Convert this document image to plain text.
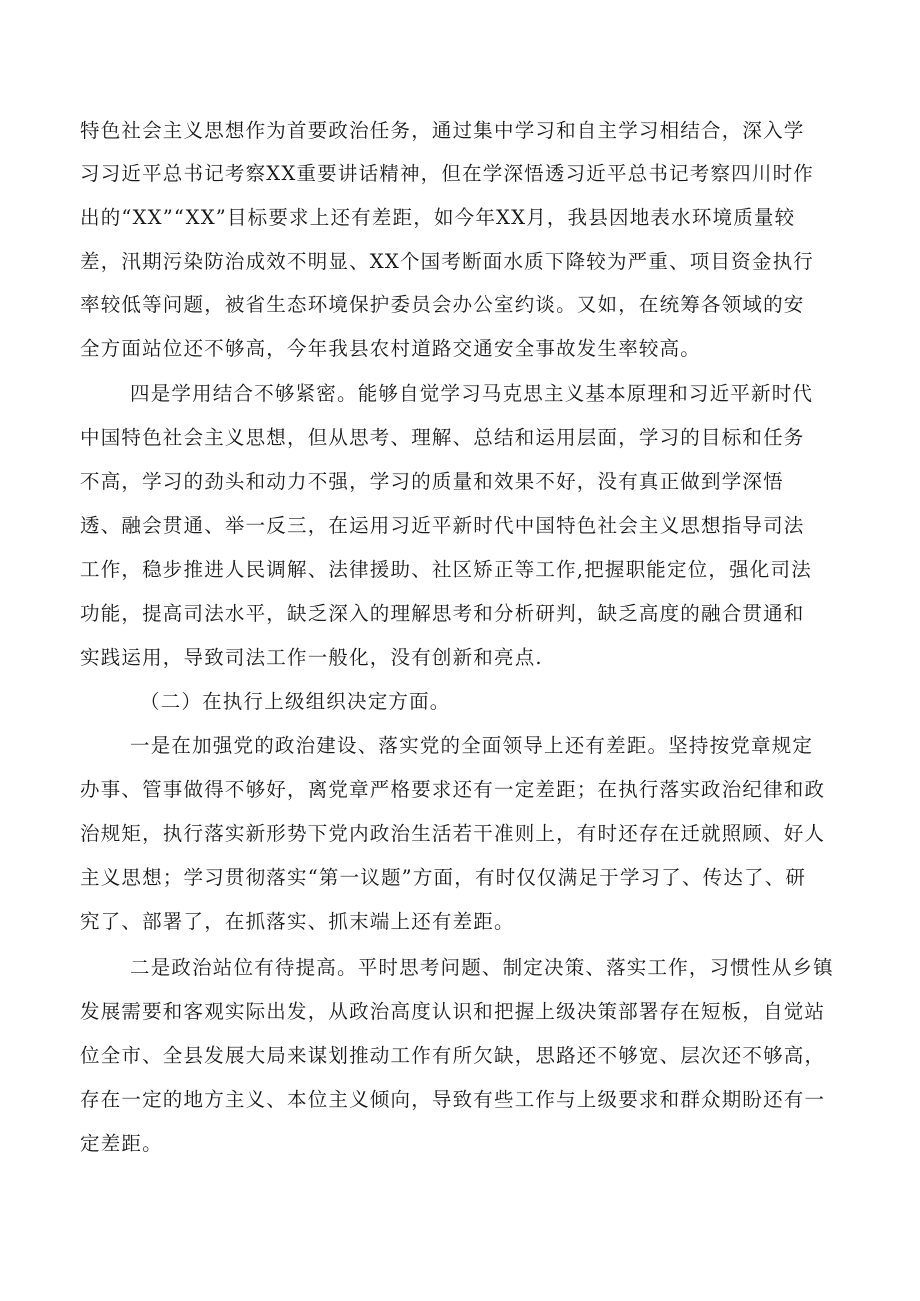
特色社会主义思想作为首要政治任务，通过集中学习和自主学习相结合，深入学
习习近平总书记考察XX重要讲话精神，但在学深悟透习近平总书记考察四川时作
出的“XX”“XX”目标要求上还有差距，如今年XX月，我县因地表水环境质量较
差，汛期污染防治成效不明显、XX个国考断面水质下降较为严重、项目资金执行
率较低等问题，被省生态环境保护委员会办公室约谈。又如，在统筹各领域的安
全方面站位还不够高，今年我县农村道路交通安全事故发生率较高。
四是学用结合不够紧密。能够自觉学习马克思主义基本原理和习近平新时代
中国特色社会主义思想，但从思考、理解、总结和运用层面，学习的目标和任务
不高，学习的劲头和动力不强，学习的质量和效果不好，没有真正做到学深悟
透、融会贯通、举一反三，在运用习近平新时代中国特色社会主义思想指导司法
工作，稳步推进人民调解、法律援助、社区矫正等工作,把握职能定位，强化司法
功能，提高司法水平，缺乏深入的理解思考和分析研判，缺乏高度的融合贯通和
实践运用，导致司法工作一般化，没有创新和亮点.
（二）在执行上级组织决定方面。
一是在加强党的政治建设、落实党的全面领导上还有差距。坚持按党章规定
办事、管事做得不够好，离党章严格要求还有一定差距；在执行落实政治纪律和政
治规矩，执行落实新形势下党内政治生活若干准则上，有时还存在迁就照顾、好人
主义思想；学习贯彻落实“第一议题”方面，有时仅仅满足于学习了、传达了、研
究了、部署了，在抓落实、抓末端上还有差距。
二是政治站位有待提高。平时思考问题、制定决策、落实工作，习惯性从乡镇
发展需要和客观实际出发，从政治高度认识和把握上级决策部署存在短板，自觉站
位全市、全县发展大局来谋划推动工作有所欠缺，思路还不够宽、层次还不够高，
存在一定的地方主义、本位主义倾向，导致有些工作与上级要求和群众期盼还有一
定差距。
